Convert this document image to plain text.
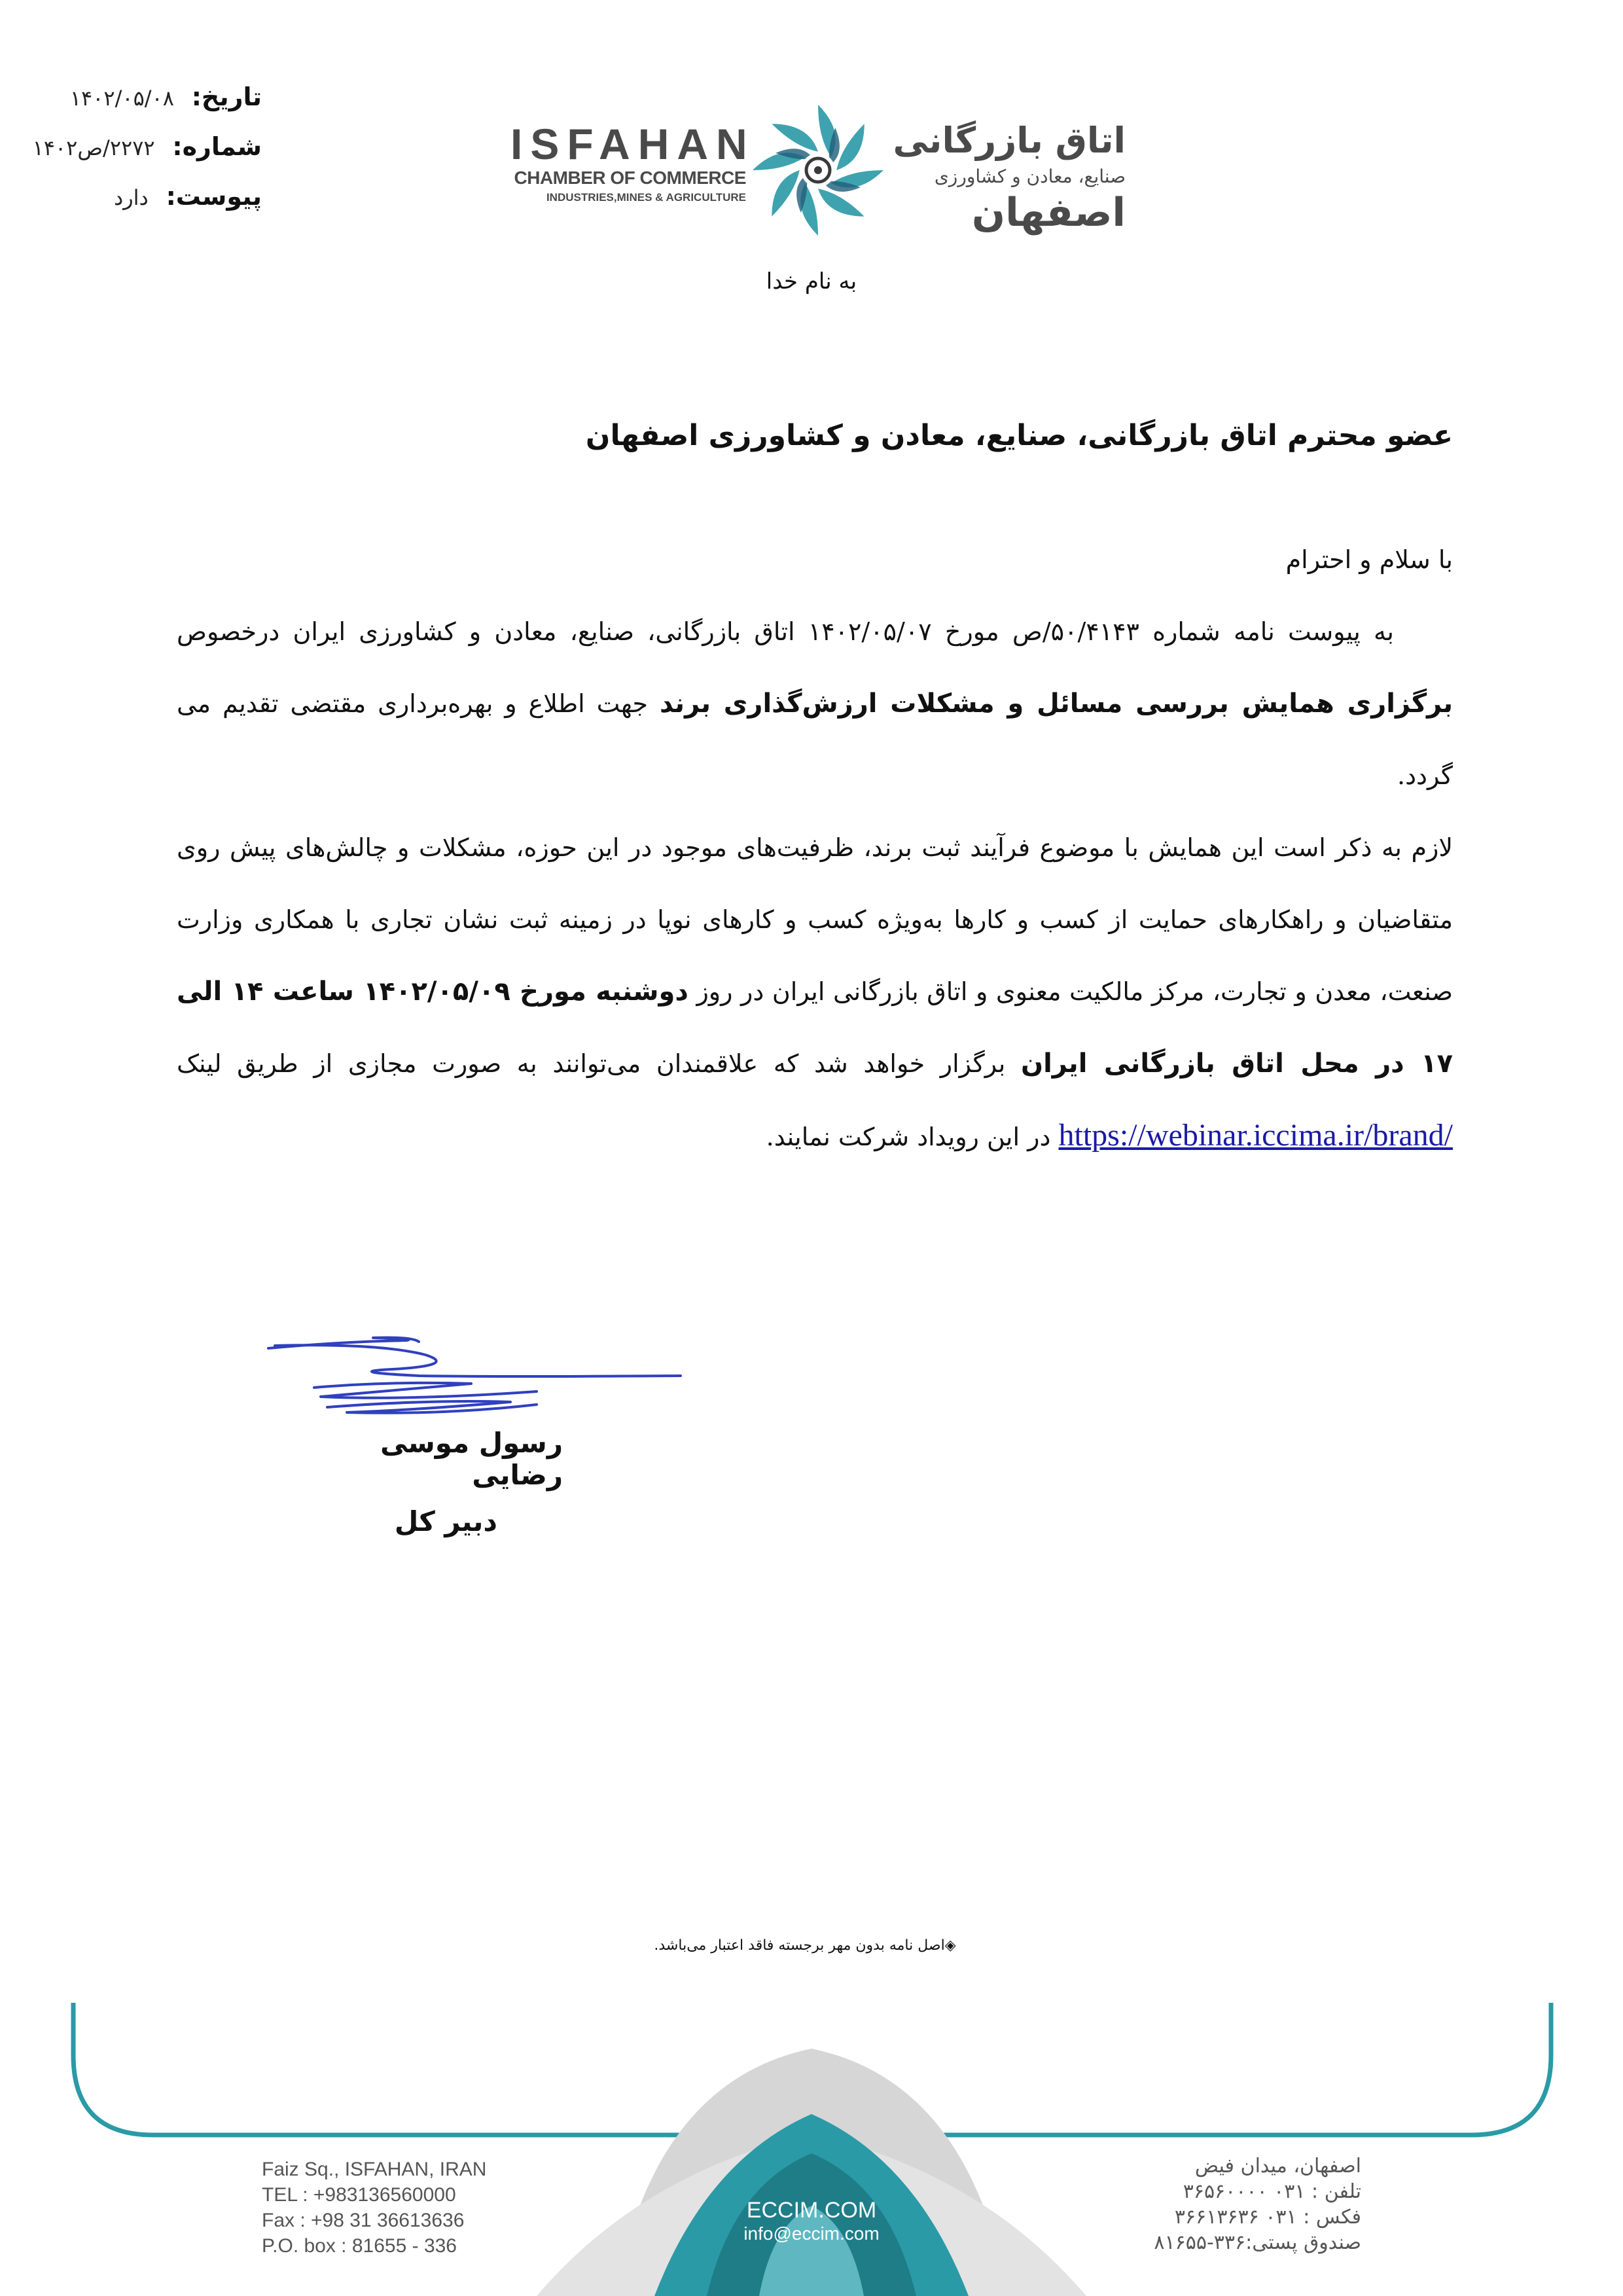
تاریخ: ۱۴۰۲/۰۵/۰۸
شماره: ۲۲۷۲/ص۱۴۰۲
پیوست: دارد
ISFAHAN
CHAMBER OF COMMERCE
INDUSTRIES,MINES & AGRICULTURE
اتاق بازرگانی
صنایع، معادن و کشاورزی
اصفهان
به نام خدا
عضو محترم اتاق بازرگانی، صنایع، معادن و کشاورزی اصفهان

با سلام و احترام

به پیوست نامه شماره ۵۰/۴۱۴۳/ص مورخ ۱۴۰۲/۰۵/۰۷ اتاق بازرگانی، صنایع، معادن و کشاورزی ایران درخصوص برگزاری همایش بررسی مسائل و مشکلات ارزش‌گذاری برند جهت اطلاع و بهره‌برداری مقتضی تقدیم می گردد.

لازم به ذکر است این همایش با موضوع فرآیند ثبت برند، ظرفیت‌های موجود در این حوزه، مشکلات و چالش‌های پیش روی متقاضیان و راهکارهای حمایت از کسب و کارها به‌ویژه کسب و کارهای نوپا در زمینه ثبت نشان تجاری با همکاری وزارت صنعت، معدن و تجارت، مرکز مالکیت معنوی و اتاق بازرگانی ایران در روز دوشنبه مورخ ۱۴۰۲/۰۵/۰۹ ساعت ۱۴ الی ۱۷ در محل اتاق بازرگانی ایران برگزار خواهد شد که علاقمندان می‌توانند به صورت مجازی از طریق لینک https://webinar.iccima.ir/brand/ در این رویداد شرکت نمایند.

رسول موسی رضایی
دبیر کل
◈اصل نامه بدون مهر برجسته فاقد اعتبار می‌باشد.
Faiz Sq., ISFAHAN, IRAN
TEL : +983136560000
Fax : +98 31 36613636
P.O. box : 81655 - 336
ECCIM.COM
info@eccim.com
اصفهان، میدان فیض
تلفن : ۰۳۱ ۳۶۵۶۰۰۰۰
فکس : ۰۳۱ ۳۶۶۱۳۶۳۶
صندوق پستی:۳۳۶-۸۱۶۵۵
